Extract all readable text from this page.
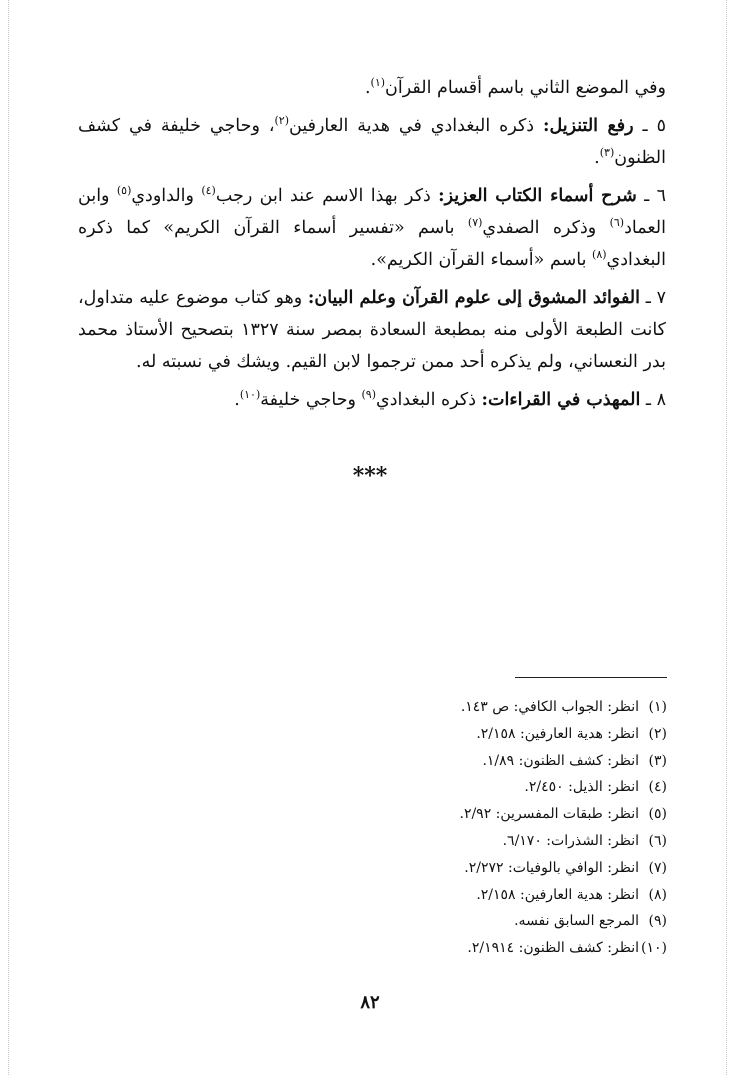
وفي الموضع الثاني باسم أقسام القرآن$^{(١)}$.

٥ ـ رفع التنزيل: ذكره البغدادي في هدية العارفين$^{(٢)}$، وحاجي خليفة في كشف الظنون$^{(٣)}$.

٦ ـ شرح أسماء الكتاب العزيز: ذكر بهذا الاسم عند ابن رجب$^{(٤)}$ والداودي$^{(٥)}$ وابن العماد$^{(٦)}$ وذكره الصفدي$^{(٧)}$ باسم «تفسير أسماء القرآن الكريم» كما ذكره البغدادي$^{(٨)}$ باسم «أسماء القرآن الكريم».

٧ ـ الفوائد المشوق إلى علوم القرآن وعلم البيان: وهو كتاب موضوع عليه متداول، كانت الطبعة الأولى منه بمطبعة السعادة بمصر سنة ١٣٢٧ بتصحيح الأستاذ محمد بدر النعساني، ولم يذكره أحد ممن ترجموا لابن القيم. ويشك في نسبته له.

٨ ـ المهذب في القراءات: ذكره البغدادي$^{(٩)}$ وحاجي خليفة$^{(١٠)}$.

***
(١)
انظر: الجواب الكافي: ص ١٤٣.
(٢)
انظر: هدية العارفين: ٢/١٥٨.
(٣)
انظر: كشف الظنون: ١/٨٩.
(٤)
انظر: الذيل: ٢/٤٥٠.
(٥)
انظر: طبقات المفسرين: ٢/٩٢.
(٦)
انظر: الشذرات: ٦/١٧٠.
(٧)
انظر: الوافي بالوفيات: ٢/٢٧٢.
(٨)
انظر: هدية العارفين: ٢/١٥٨.
(٩)
المرجع السابق نفسه.
(١٠)
انظر: كشف الظنون: ٢/١٩١٤.
٨٢
